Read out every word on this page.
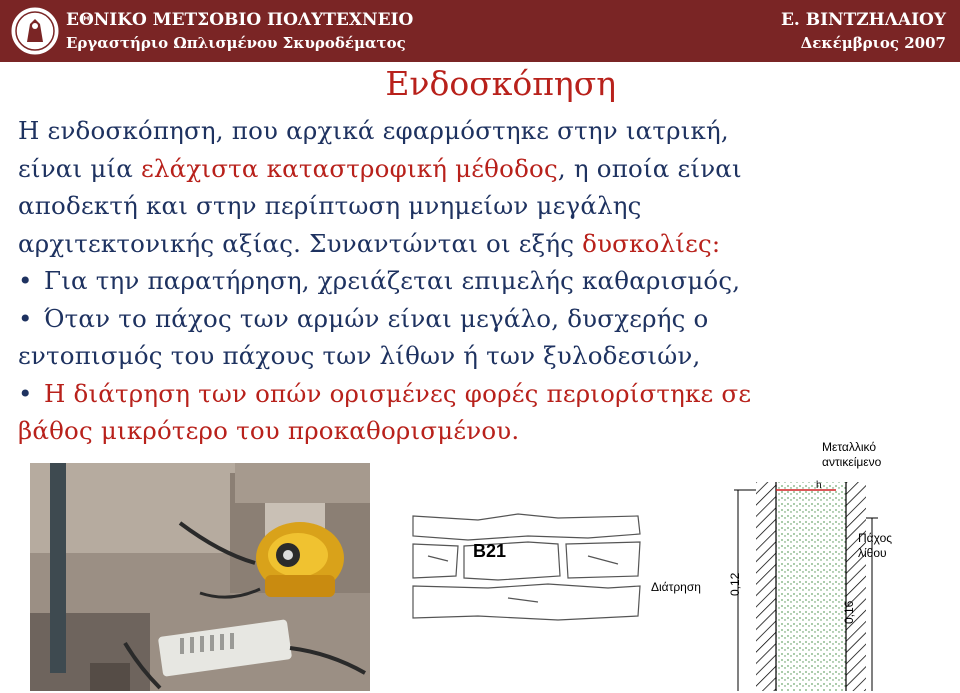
ΕΘΝΙΚΟ ΜΕΤΣΟΒΙΟ ΠΟΛΥΤΕΧΝΕΙΟ
Εργαστήριο Ωπλισμένου Σκυροδέματος
Ε. ΒΙΝΤΖΗΛΑΙΟΥ
Δεκέμβριος 2007
Ενδοσκόπηση
Η ενδοσκόπηση, που αρχικά εφαρμόστηκε στην ιατρική,
είναι μία ελάχιστα καταστροφική μέθοδος, η οποία είναι
αποδεκτή και στην περίπτωση μνημείων μεγάλης
αρχιτεκτονικής αξίας. Συναντώνται οι εξής δυσκολίες:
• Για την παρατήρηση, χρειάζεται επιμελής καθαρισμός,
• Όταν το πάχος των αρμών είναι μεγάλο, δυσχερής ο
εντοπισμός του πάχους των λίθων ή των ξυλοδεσιών,
• Η διάτρηση των οπών ορισμένες φορές περιορίστηκε σε
βάθος μικρότερο του προκαθορισμένου.
B21
0,12
0,16
h
Μεταλλικό
αντικείμενο
Πάχος
λίθου
Διάτρηση
